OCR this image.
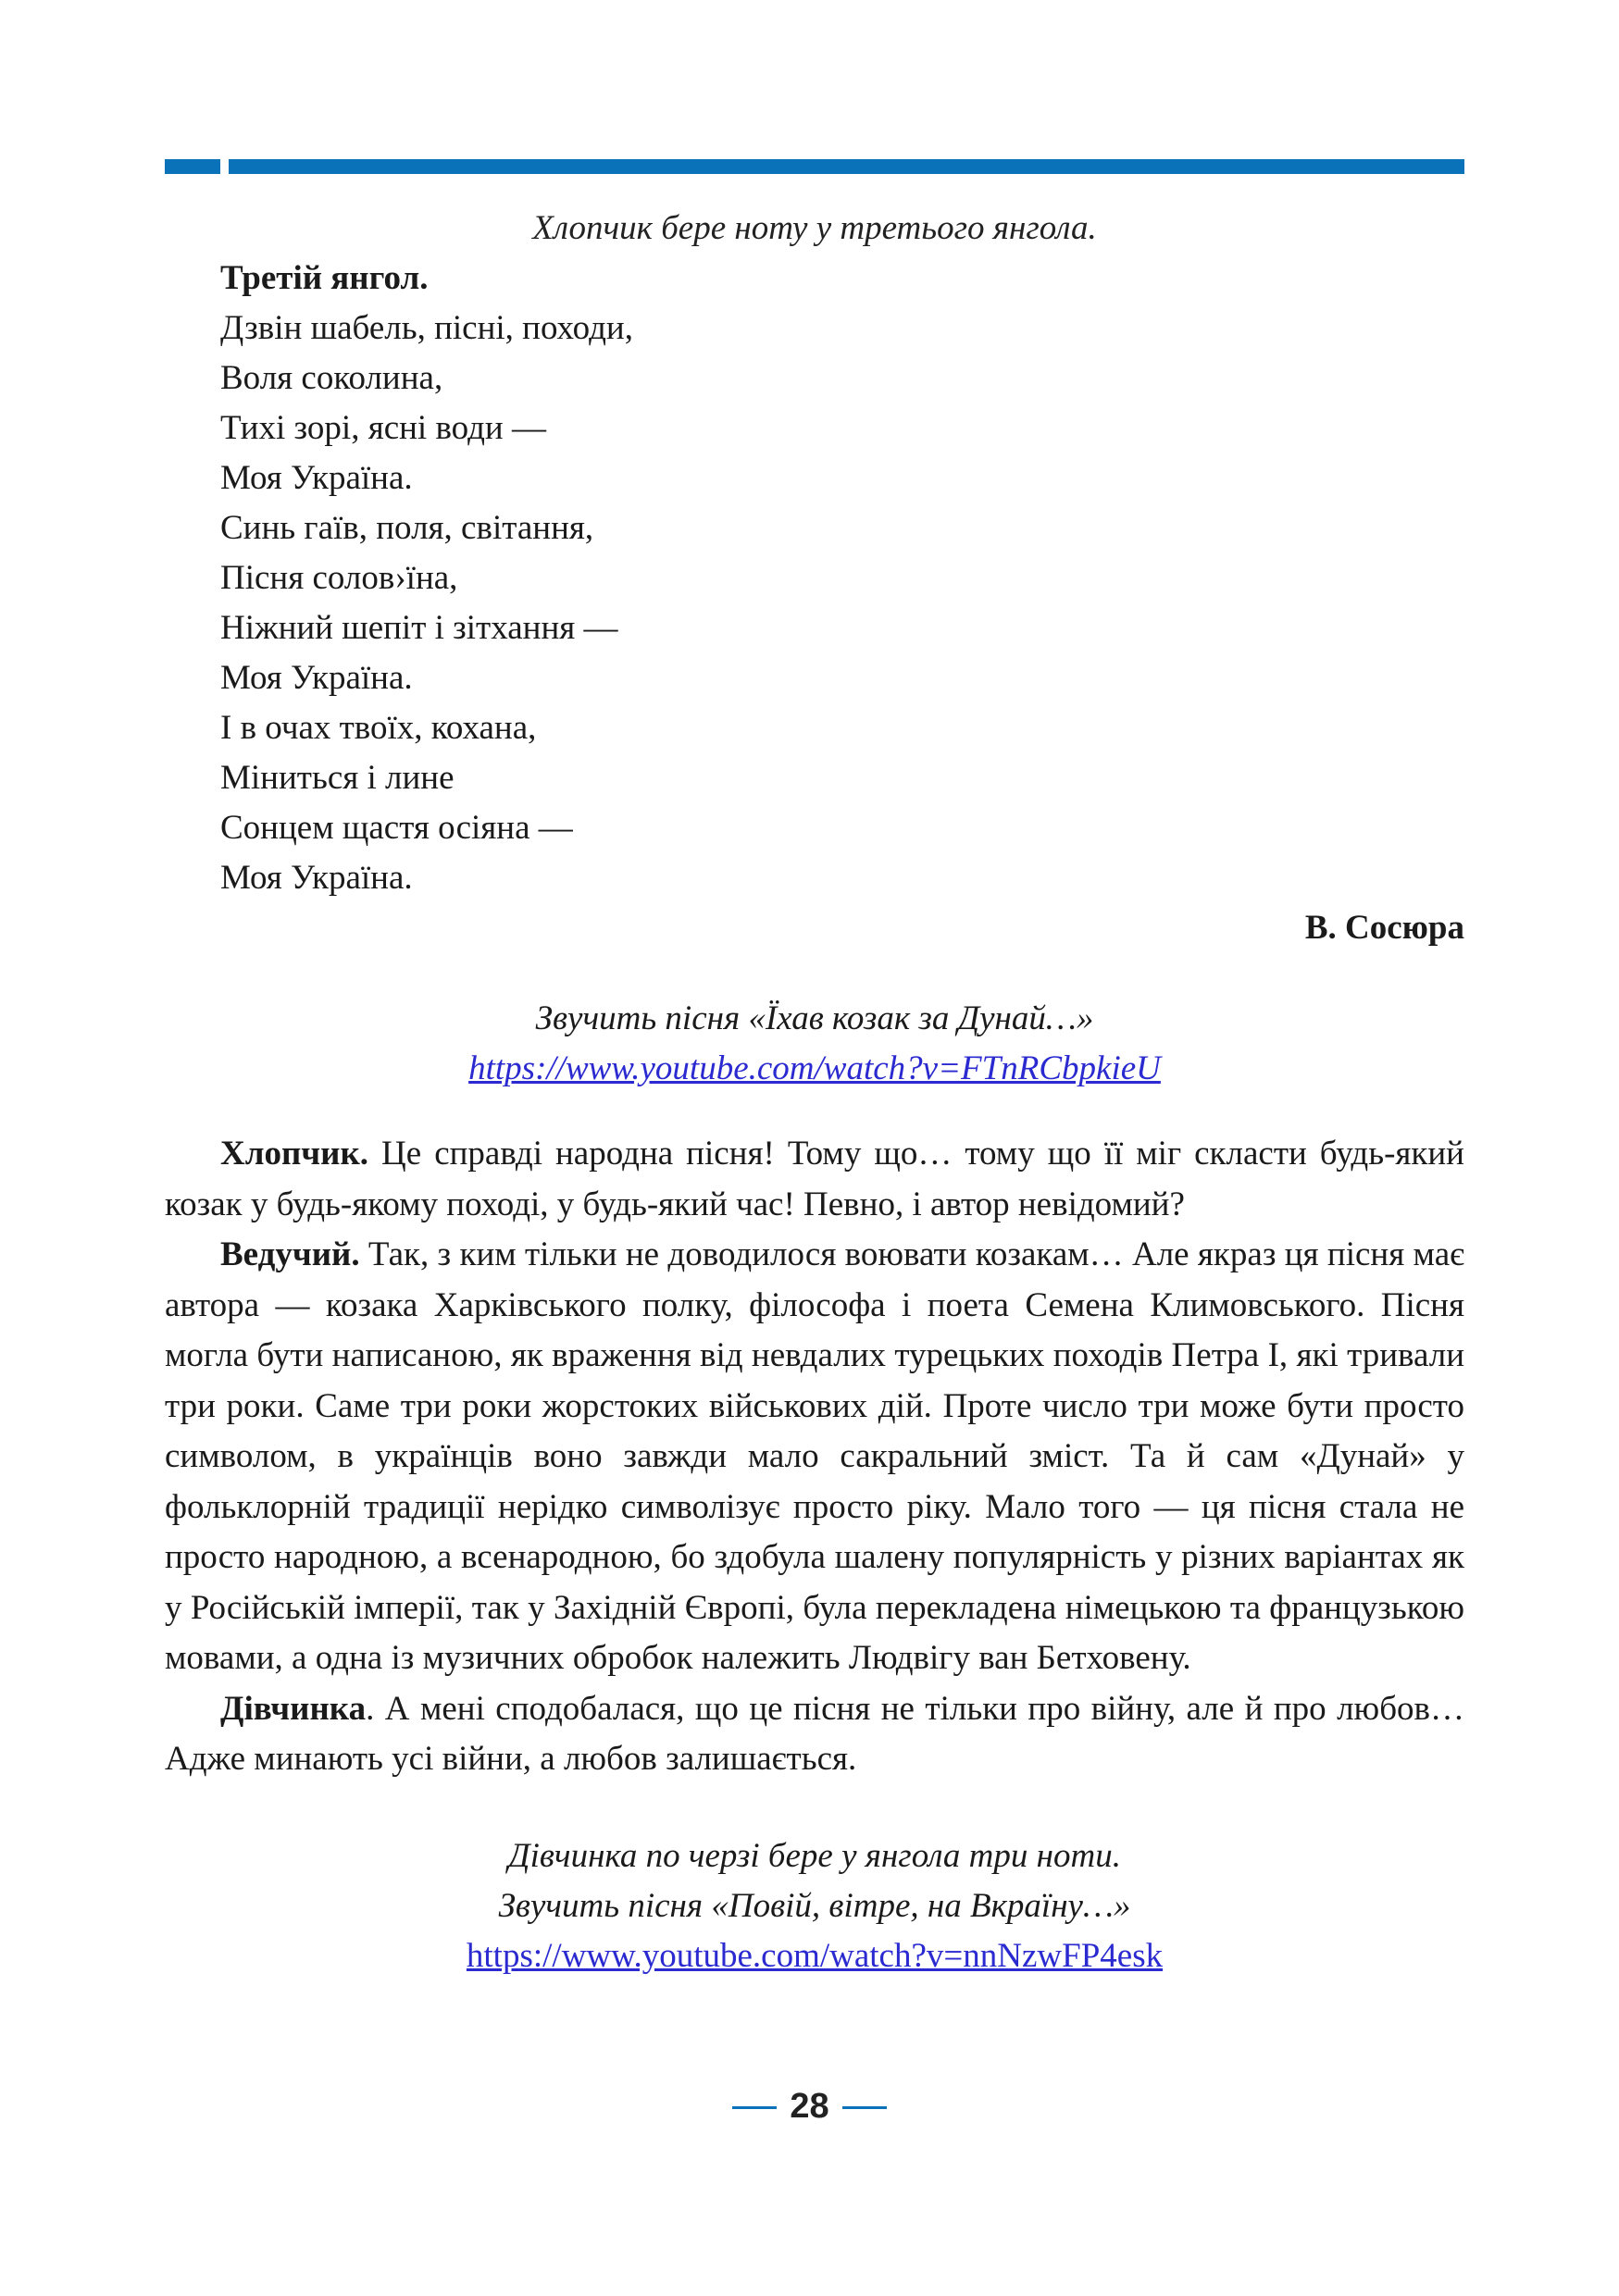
Хлопчик бере ноту у третього янгола.
Третій янгол.
Дзвін шабель, пісні, походи,
Воля соколина,
Тихі зорі, ясні води —
Моя Україна.
Синь гаїв, поля, світання,
Пісня солов›їна,
Ніжний шепіт і зітхання —
Моя Україна.
І в очах твоїх, кохана,
Міниться і лине
Сонцем щастя осіяна —
Моя Україна.
В. Сосюра
Звучить пісня «Їхав козак за Дунай…»
https://www.youtube.com/watch?v=FTnRCbpkieU

Хлопчик. Це справді народна пісня! Тому що… тому що її міг скласти будь-який козак у будь-якому поході, у будь-який час! Певно, і автор невідомий?

Ведучий. Так, з ким тільки не доводилося воювати козакам… Але якраз ця пісня має автора — козака Харківського полку, філософа і поета Семена Климовського. Пісня могла бути написаною, як враження від невдалих турецьких походів Петра І, які тривали три роки. Саме три роки жорстоких військових дій. Проте число три може бути просто символом, в українців воно завжди мало сакральний зміст. Та й сам «Дунай» у фольклорній традиції нерідко символізує просто ріку. Мало того — ця пісня стала не просто народною, а всенародною, бо здобула шалену популярність у різних варіантах як у Російській імперії, так у Західній Європі, була перекладена німецькою та французькою мовами, а одна із музичних обробок належить Людвігу ван Бетховену.

Дівчинка. А мені сподобалася, що це пісня не тільки про війну, але й про любов… Адже минають усі війни, а любов залишається.

Дівчинка по черзі бере у янгола три ноти.
Звучить пісня «Повій, вітре, на Вкраїну…»
https://www.youtube.com/watch?v=nnNzwFP4esk
28
